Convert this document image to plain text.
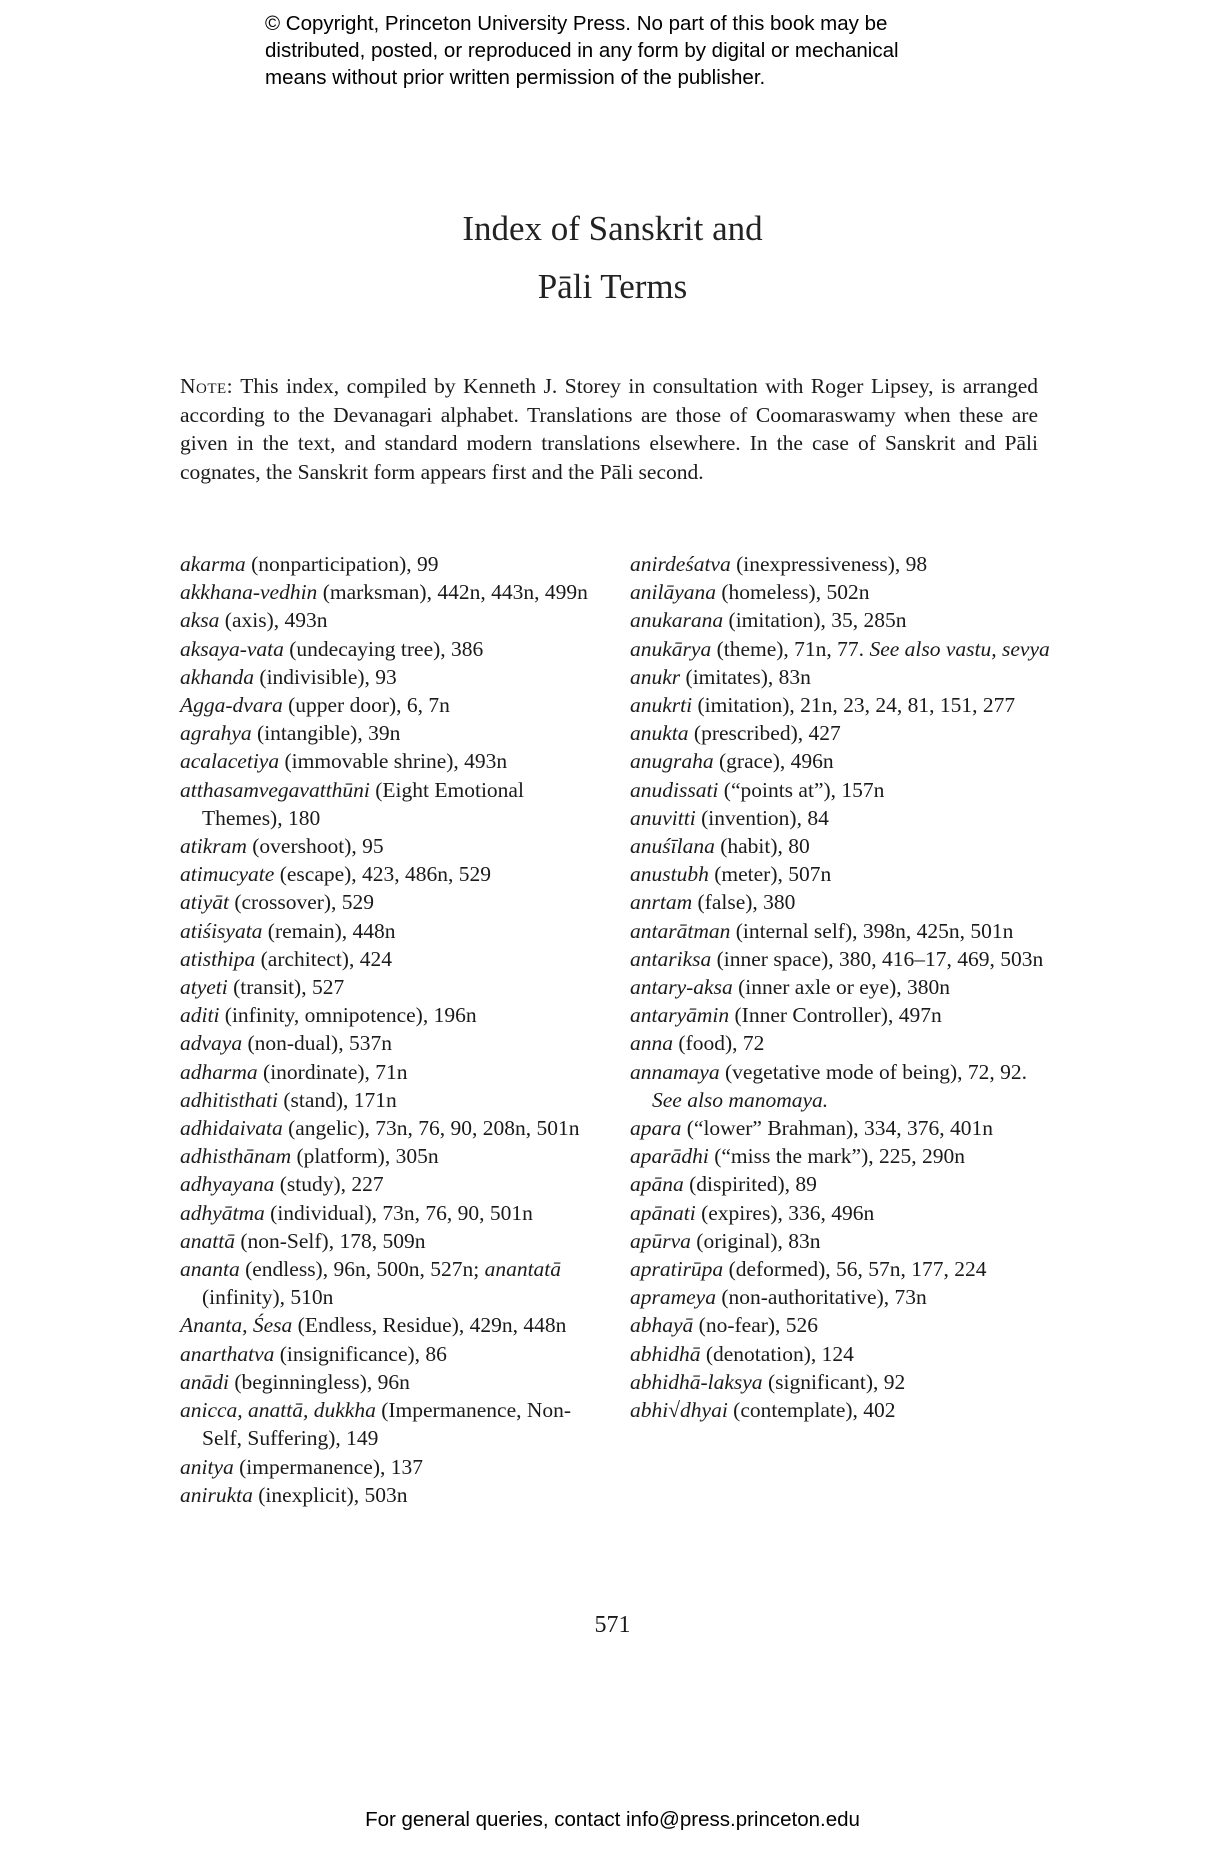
© Copyright, Princeton University Press. No part of this book may be
distributed, posted, or reproduced in any form by digital or mechanical
means without prior written permission of the publisher.
Index of Sanskrit and
Pāli Terms
Note: This index, compiled by Kenneth J. Storey in consultation with Roger Lipsey, is arranged according to the Devanagari alphabet. Translations are those of Coomaraswamy when these are given in the text, and standard modern translations elsewhere. In the case of Sanskrit and Pāli cognates, the Sanskrit form appears first and the Pāli second.
akarma (nonparticipation), 99
akkhana-vedhin (marksman), 442n, 443n, 499n
aksa (axis), 493n
aksaya-vata (undecaying tree), 386
akhanda (indivisible), 93
Agga-dvara (upper door), 6, 7n
agrahya (intangible), 39n
acalacetiya (immovable shrine), 493n
atthasamvegavatthūni (Eight Emotional Themes), 180
atikram (overshoot), 95
atimucyate (escape), 423, 486n, 529
atiyāt (crossover), 529
atiśisyata (remain), 448n
atisthipa (architect), 424
atyeti (transit), 527
aditi (infinity, omnipotence), 196n
advaya (non-dual), 537n
adharma (inordinate), 71n
adhitisthati (stand), 171n
adhidaivata (angelic), 73n, 76, 90, 208n, 501n
adhisthānam (platform), 305n
adhyayana (study), 227
adhyātma (individual), 73n, 76, 90, 501n
anattā (non-Self), 178, 509n
ananta (endless), 96n, 500n, 527n; anantatā (infinity), 510n
Ananta, Śesa (Endless, Residue), 429n, 448n
anarthatva (insignificance), 86
anādi (beginningless), 96n
anicca, anattā, dukkha (Impermanence, Non-Self, Suffering), 149
anitya (impermanence), 137
anirukta (inexplicit), 503n
anirdeśatva (inexpressiveness), 98
anilāyana (homeless), 502n
anukarana (imitation), 35, 285n
anukārya (theme), 71n, 77. See also vastu, sevya
anukr (imitates), 83n
anukrti (imitation), 21n, 23, 24, 81, 151, 277
anukta (prescribed), 427
anugraha (grace), 496n
anudissati (“points at”), 157n
anuvitti (invention), 84
anuśīlana (habit), 80
anustubh (meter), 507n
anrtam (false), 380
antarātman (internal self), 398n, 425n, 501n
antariksa (inner space), 380, 416–17, 469, 503n
antary-aksa (inner axle or eye), 380n
antaryāmin (Inner Controller), 497n
anna (food), 72
annamaya (vegetative mode of being), 72, 92. See also manomaya.
apara (“lower” Brahman), 334, 376, 401n
aparādhi (“miss the mark”), 225, 290n
apāna (dispirited), 89
apānati (expires), 336, 496n
apūrva (original), 83n
apratirūpa (deformed), 56, 57n, 177, 224
aprameya (non-authoritative), 73n
abhayā (no-fear), 526
abhidhā (denotation), 124
abhidhā-laksya (significant), 92
abhi√dhyai (contemplate), 402
571
For general queries, contact info@press.princeton.edu
